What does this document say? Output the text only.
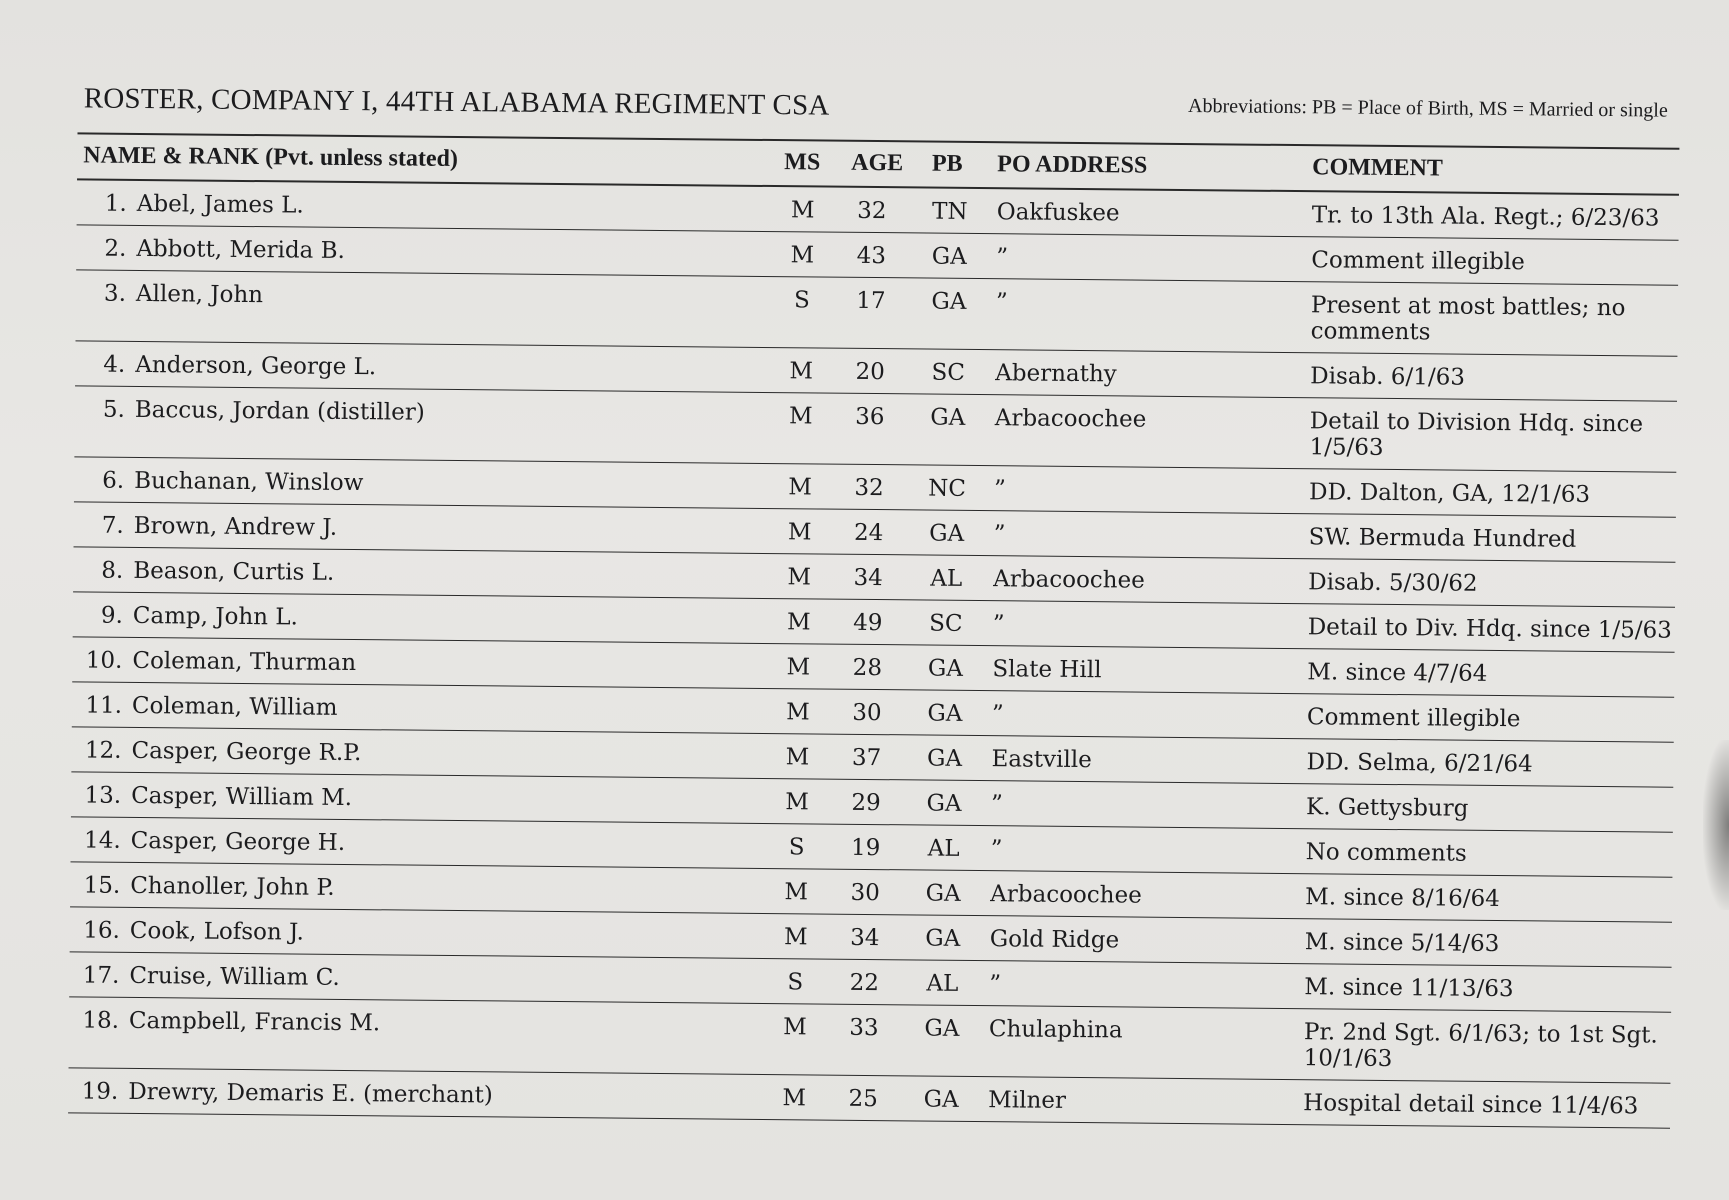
ROSTER, COMPANY I, 44TH ALABAMA REGIMENT CSA	Abbreviations: PB = Place of Birth, MS = Married or single
NAME & RANK (Pvt. unless stated)	MS	AGE	PB	PO ADDRESS	COMMENT
1. Abel, James L.	M	32	TN	Oakfuskee	Tr. to 13th Ala. Regt.; 6/23/63
2. Abbott, Merida B.	M	43	GA	”	Comment illegible
3. Allen, John	S	17	GA	”	Present at most battles; no comments
4. Anderson, George L.	M	20	SC	Abernathy	Disab. 6/1/63
5. Baccus, Jordan (distiller)	M	36	GA	Arbacoochee	Detail to Division Hdq. since 1/5/63
6. Buchanan, Winslow	M	32	NC	”	DD. Dalton, GA, 12/1/63
7. Brown, Andrew J.	M	24	GA	”	SW. Bermuda Hundred
8. Beason, Curtis L.	M	34	AL	Arbacoochee	Disab. 5/30/62
9. Camp, John L.	M	49	SC	”	Detail to Div. Hdq. since 1/5/63
10. Coleman, Thurman	M	28	GA	Slate Hill	M. since 4/7/64
11. Coleman, William	M	30	GA	”	Comment illegible
12. Casper, George R.P.	M	37	GA	Eastville	DD. Selma, 6/21/64
13. Casper, William M.	M	29	GA	”	K. Gettysburg
14. Casper, George H.	S	19	AL	”	No comments
15. Chanoller, John P.	M	30	GA	Arbacoochee	M. since 8/16/64
16. Cook, Lofson J.	M	34	GA	Gold Ridge	M. since 5/14/63
17. Cruise, William C.	S	22	AL	”	M. since 11/13/63
18. Campbell, Francis M.	M	33	GA	Chulaphina	Pr. 2nd Sgt. 6/1/63; to 1st Sgt. 10/1/63
19. Drewry, Demaris E. (merchant)	M	25	GA	Milner	Hospital detail since 11/4/63
